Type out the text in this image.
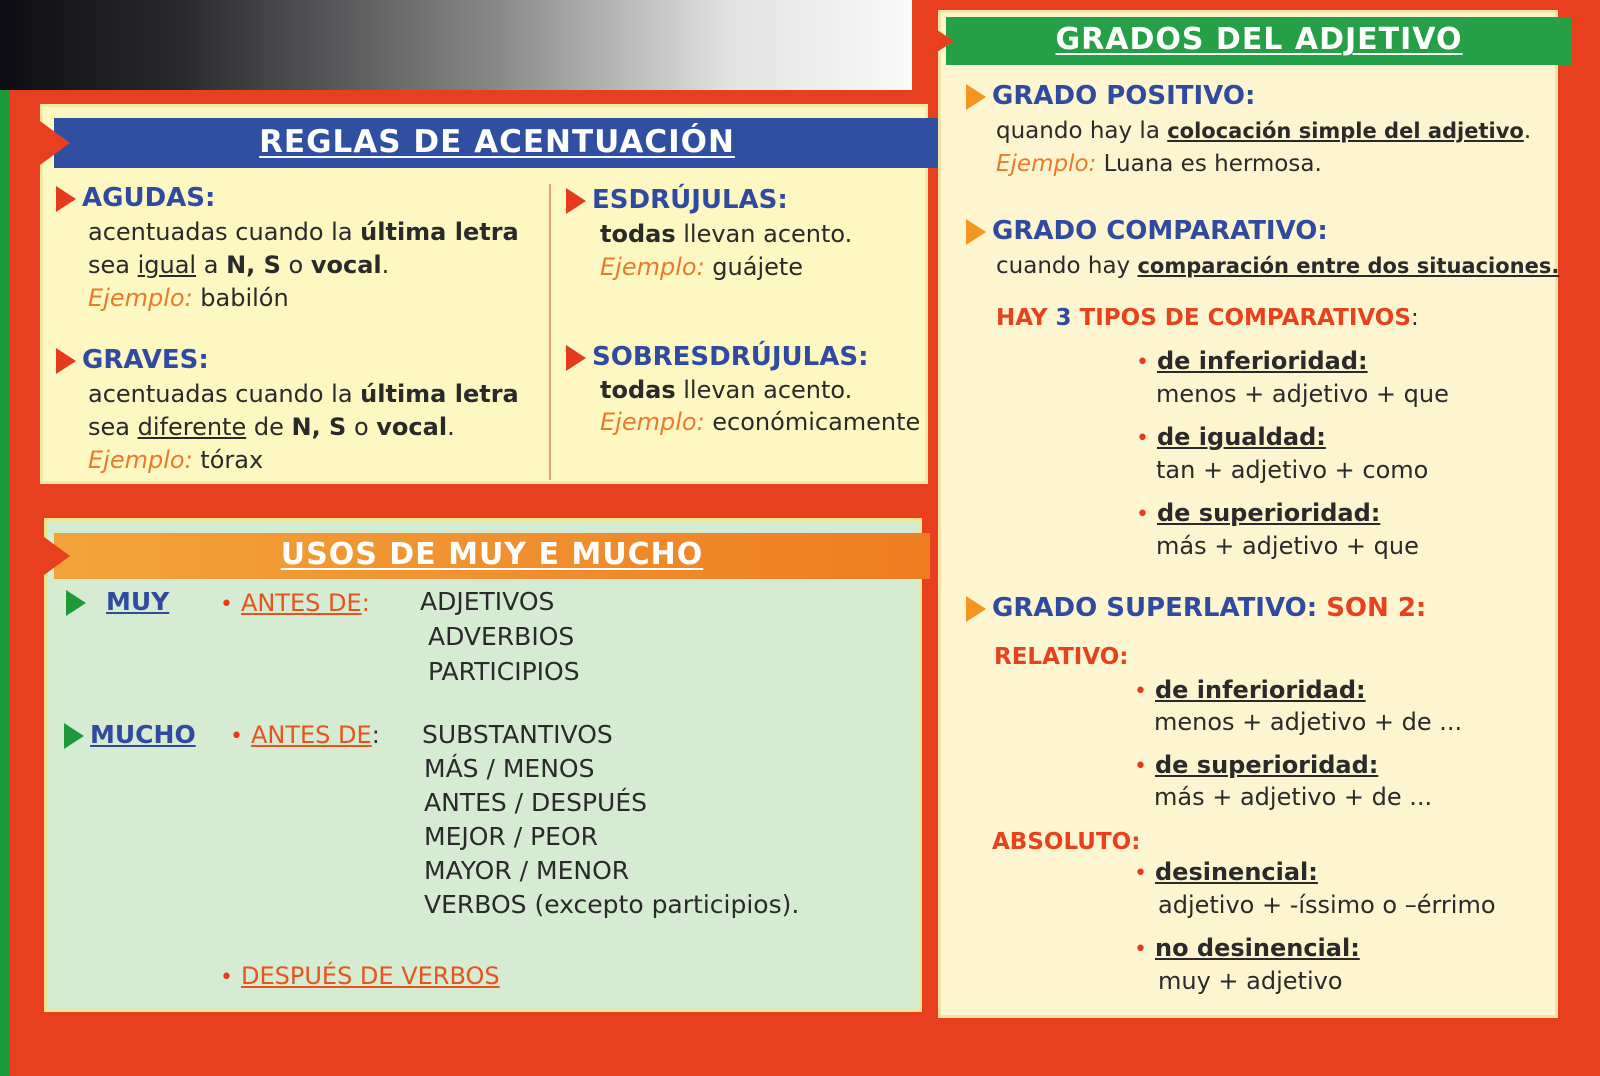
REGLAS DE ACENTUACIÓN
AGUDAS:
acentuadas cuando la última letra
sea igual a N, S o vocal.
Ejemplo: babilón
GRAVES:
acentuadas cuando la última letra
sea diferente de N, S o vocal.
Ejemplo: tórax
ESDRÚJULAS:
todas llevan acento.
Ejemplo: guájete
SOBRESDRÚJULAS:
todas llevan acento.
Ejemplo: económicamente
USOS DE MUY E MUCHO
MUY • ANTES DE: ADJETIVOS
ADVERBIOS
PARTICIPIOS
MUCHO • ANTES DE: SUBSTANTIVOS
MÁS / MENOS
ANTES / DESPUÉS
MEJOR / PEOR
MAYOR / MENOR
VERBOS (excepto participios).
• DESPUÉS DE VERBOS
GRADOS DEL ADJETIVO
GRADO POSITIVO:
quando hay la colocación simple del adjetivo.
Ejemplo: Luana es hermosa.
GRADO COMPARATIVO:
cuando hay comparación entre dos situaciones.
HAY 3 TIPOS DE COMPARATIVOS:
• de inferioridad:
menos + adjetivo + que
• de igualdad:
tan + adjetivo + como
• de superioridad:
más + adjetivo + que
GRADO SUPERLATIVO: SON 2:
RELATIVO:
• de inferioridad:
menos + adjetivo + de ...
• de superioridad:
más + adjetivo + de ...
ABSOLUTO:
• desinencial:
adjetivo + -íssimo o –érrimo
• no desinencial:
muy + adjetivo
